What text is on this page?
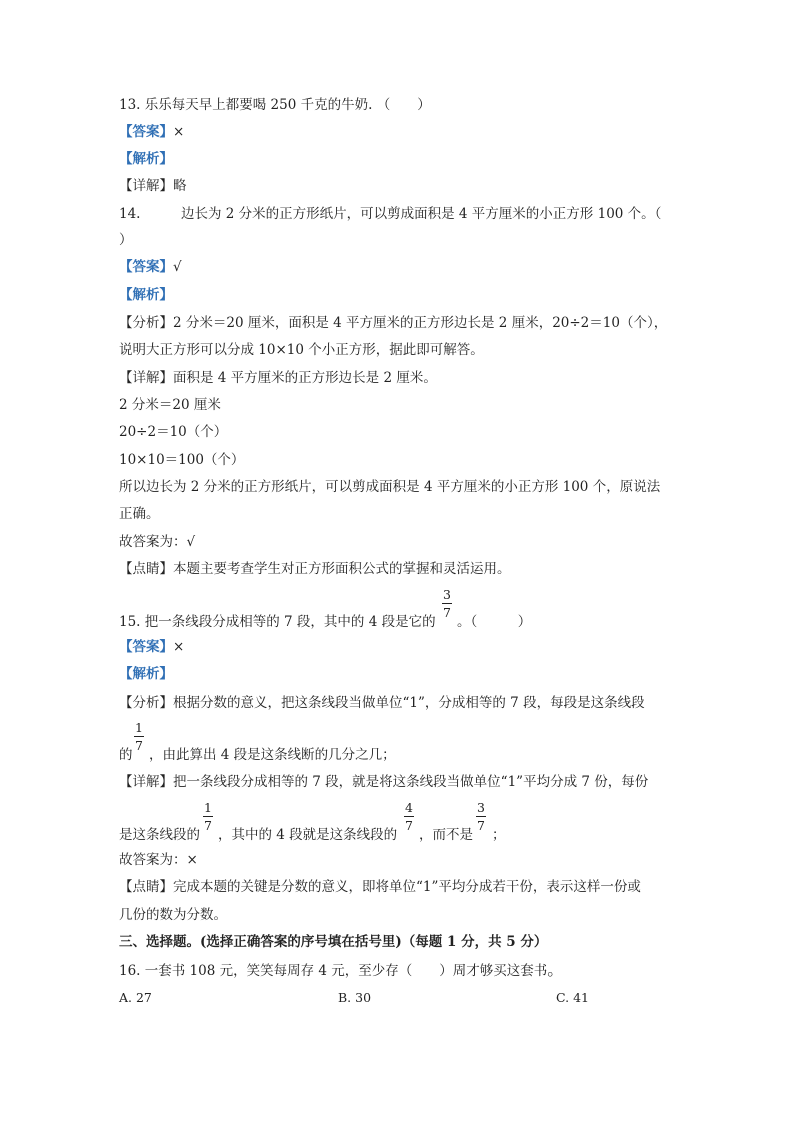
13. 乐乐每天早上都要喝 250 千克的牛奶. （　　）
【答案】×
【解析】
【详解】略
14.　　　边长为 2 分米的正方形纸片，可以剪成面积是 4 平方厘米的小正方形 100 个。（
）
【答案】√
【解析】
【分析】2 分米＝20 厘米，面积是 4 平方厘米的正方形边长是 2 厘米，20÷2＝10（个），
说明大正方形可以分成 10×10 个小正方形，据此即可解答。
【详解】面积是 4 平方厘米的正方形边长是 2 厘米。
2 分米＝20 厘米
20÷2＝10（个）
10×10＝100（个）
所以边长为 2 分米的正方形纸片，可以剪成面积是 4 平方厘米的小正方形 100 个，原说法
正确。
故答案为：√
【点睛】本题主要考查学生对正方形面积公式的掌握和灵活运用。
15. 把一条线段分成相等的 7 段，其中的 4 段是它的
3
7
。（　　　）
【答案】×
【解析】
【分析】根据分数的意义，把这条线段当做单位“1”，分成相等的 7 段，每段是这条线段
的
1
7
，由此算出 4 段是这条线断的几分之几；
【详解】把一条线段分成相等的 7 段，就是将这条线段当做单位“1”平均分成 7 份，每份
是这条线段的
1
7
，其中的 4 段就是这条线段的
4
7
，而不是
3
7
；
故答案为：×
【点睛】完成本题的关键是分数的意义，即将单位“1”平均分成若干份，表示这样一份或
几份的数为分数。
三、选择题。(选择正确答案的序号填在括号里)（每题 1 分，共 5 分）
16. 一套书 108 元，笑笑每周存 4 元，至少存（　　）周才够买这套书。
A. 27	B. 30	C. 41
